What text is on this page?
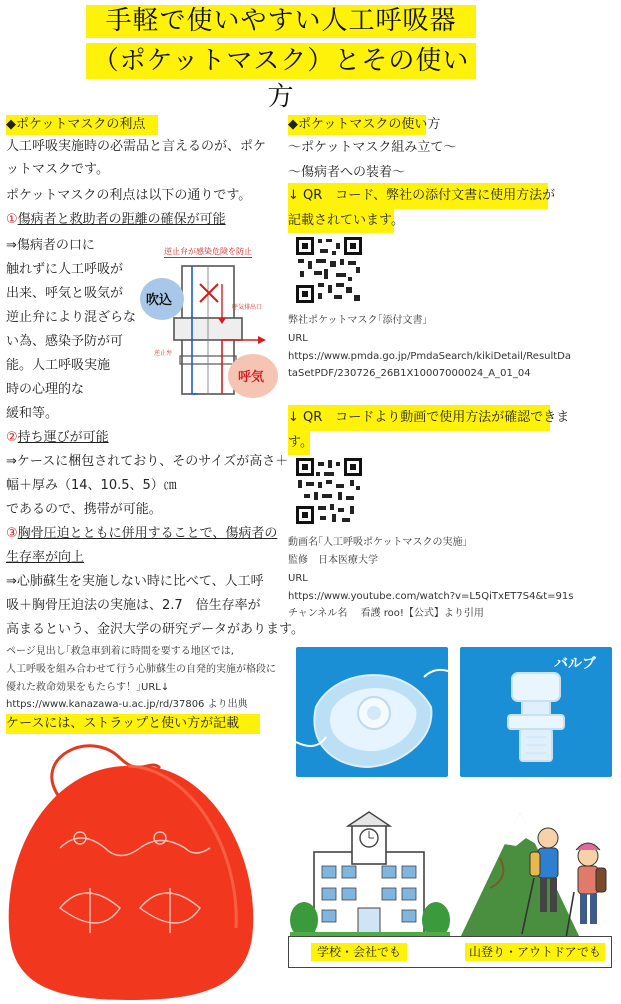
手軽で使いやすい人工呼吸器
（ポケットマスク）とその使い方
◆ポケットマスクの利点
人工呼吸実施時の必需品と言えるのが、ポケ
ットマスクです。
ポケットマスクの利点は以下の通りです。
①傷病者と救助者の距離の確保が可能
⇒傷病者の口に
触れずに人工呼吸が
出来、呼気と吸気が
逆止弁により混ざらな
い為、感染予防が可
能。人工呼吸実施
時の心理的な
緩和等。
逆止弁が感染危険を防止
吹込
呼気
呼気排出口
逆止弁
②持ち運びが可能
⇒ケースに梱包されており、そのサイズが高さ＋
幅＋厚み（14、10.5、5）㎝
であるので、携帯が可能。
③胸骨圧迫とともに併用することで、傷病者の
生存率が向上
⇒心肺蘇生を実施しない時に比べて、人工呼
吸＋胸骨圧迫法の実施は、2.7　倍生存率が
高まるという、金沢大学の研究データがあります。
ページ見出し｢救急車到着に時間を要する地区では,
人工呼吸を組み合わせて行う心肺蘇生の自発的実施が格段に
優れた救命効果をもたらす！｣URL↓
https://www.kanazawa-u.ac.jp/rd/37806 より出典
ケースには、ストラップと使い方が記載
◆ポケットマスクの使い方
〜ポケットマスク組み立て〜
〜傷病者への装着〜
↓ QR　コード、弊社の添付文書に使用方法が
記載されています。
弊社ポケットマスク｢添付文書｣
URL
https://www.pmda.go.jp/PmdaSearch/kikiDetail/ResultDa
taSetPDF/230726_26B1X10007000024_A_01_04
↓ QR　コードより動画で使用方法が確認できま
す。
動画名｢人工呼吸ポケットマスクの実施｣
監修　日本医療大学
URL
https://www.youtube.com/watch?v=L5QiTxET7S4&t=91s
チャンネル名　 看護 roo!【公式】より引用
バルブ
学校・会社でも	山登り・アウトドアでも
